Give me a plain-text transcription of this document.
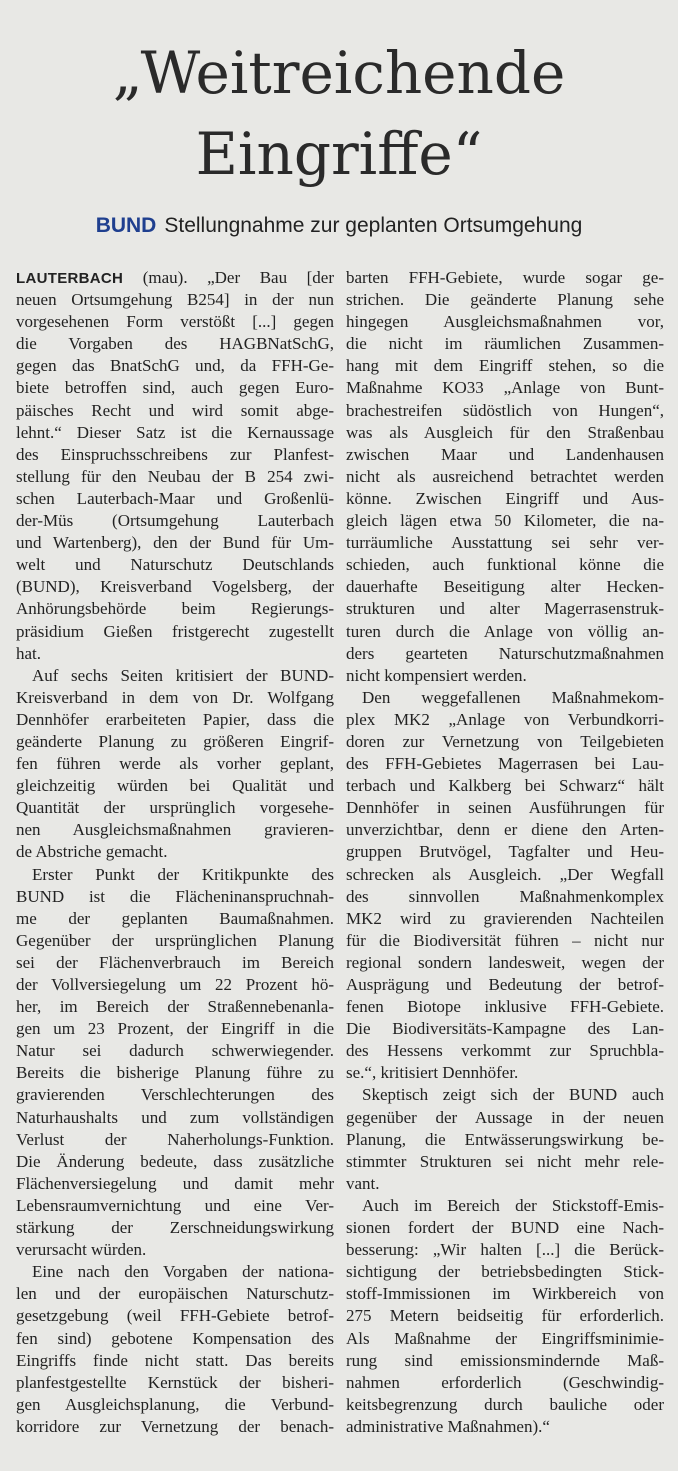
„Weitreichende
Eingriffe“
BUND Stellungnahme zur geplanten Ortsumgehung
LAUTERBACH (mau). „Der Bau [der
neuen Ortsumgehung B254] in der nun
vorgesehenen Form verstößt [...] gegen
die Vorgaben des HAGBNatSchG,
gegen das BnatSchG und, da FFH-Ge-
biete betroffen sind, auch gegen Euro-
päisches Recht und wird somit abge-
lehnt.“ Dieser Satz ist die Kernaussage
des Einspruchsschreibens zur Planfest-
stellung für den Neubau der B 254 zwi-
schen Lauterbach-Maar und Großenlü-
der-Müs (Ortsumgehung Lauterbach
und Wartenberg), den der Bund für Um-
welt und Naturschutz Deutschlands
(BUND), Kreisverband Vogelsberg, der
Anhörungsbehörde beim Regierungs-
präsidium Gießen fristgerecht zugestellt
hat.
Auf sechs Seiten kritisiert der BUND-
Kreisverband in dem von Dr. Wolfgang
Dennhöfer erarbeiteten Papier, dass die
geänderte Planung zu größeren Eingrif-
fen führen werde als vorher geplant,
gleichzeitig würden bei Qualität und
Quantität der ursprünglich vorgesehe-
nen Ausgleichsmaßnahmen gravieren-
de Abstriche gemacht.
Erster Punkt der Kritikpunkte des
BUND ist die Flächeninanspruchnah-
me der geplanten Baumaßnahmen.
Gegenüber der ursprünglichen Planung
sei der Flächenverbrauch im Bereich
der Vollversiegelung um 22 Prozent hö-
her, im Bereich der Straßennebenanla-
gen um 23 Prozent, der Eingriff in die
Natur sei dadurch schwerwiegender.
Bereits die bisherige Planung führe zu
gravierenden Verschlechterungen des
Naturhaushalts und zum vollständigen
Verlust der Naherholungs-Funktion.
Die Änderung bedeute, dass zusätzliche
Flächenversiegelung und damit mehr
Lebensraumvernichtung und eine Ver-
stärkung der Zerschneidungswirkung
verursacht würden.
Eine nach den Vorgaben der nationa-
len und der europäischen Naturschutz-
gesetzgebung (weil FFH-Gebiete betrof-
fen sind) gebotene Kompensation des
Eingriffs finde nicht statt. Das bereits
planfestgestellte Kernstück der bisheri-
gen Ausgleichsplanung, die Verbund-
korridore zur Vernetzung der benach-
barten FFH-Gebiete, wurde sogar ge-
strichen. Die geänderte Planung sehe
hingegen Ausgleichsmaßnahmen vor,
die nicht im räumlichen Zusammen-
hang mit dem Eingriff stehen, so die
Maßnahme KO33 „Anlage von Bunt-
brachestreifen südöstlich von Hungen“,
was als Ausgleich für den Straßenbau
zwischen Maar und Landenhausen
nicht als ausreichend betrachtet werden
könne. Zwischen Eingriff und Aus-
gleich lägen etwa 50 Kilometer, die na-
turräumliche Ausstattung sei sehr ver-
schieden, auch funktional könne die
dauerhafte Beseitigung alter Hecken-
strukturen und alter Magerrasenstruk-
turen durch die Anlage von völlig an-
ders gearteten Naturschutzmaßnahmen
nicht kompensiert werden.
Den weggefallenen Maßnahmekom-
plex MK2 „Anlage von Verbundkorri-
doren zur Vernetzung von Teilgebieten
des FFH-Gebietes Magerrasen bei Lau-
terbach und Kalkberg bei Schwarz“ hält
Dennhöfer in seinen Ausführungen für
unverzichtbar, denn er diene den Arten-
gruppen Brutvögel, Tagfalter und Heu-
schrecken als Ausgleich. „Der Wegfall
des sinnvollen Maßnahmenkomplex
MK2 wird zu gravierenden Nachteilen
für die Biodiversität führen – nicht nur
regional sondern landesweit, wegen der
Ausprägung und Bedeutung der betrof-
fenen Biotope inklusive FFH-Gebiete.
Die Biodiversitäts-Kampagne des Lan-
des Hessens verkommt zur Spruchbla-
se.“, kritisiert Dennhöfer.
Skeptisch zeigt sich der BUND auch
gegenüber der Aussage in der neuen
Planung, die Entwässerungswirkung be-
stimmter Strukturen sei nicht mehr rele-
vant.
Auch im Bereich der Stickstoff-Emis-
sionen fordert der BUND eine Nach-
besserung: „Wir halten [...] die Berück-
sichtigung der betriebsbedingten Stick-
stoff-Immissionen im Wirkbereich von
275 Metern beidseitig für erforderlich.
Als Maßnahme der Eingriffsminimie-
rung sind emissionsmindernde Maß-
nahmen erforderlich (Geschwindig-
keitsbegrenzung durch bauliche oder
administrative Maßnahmen).“
